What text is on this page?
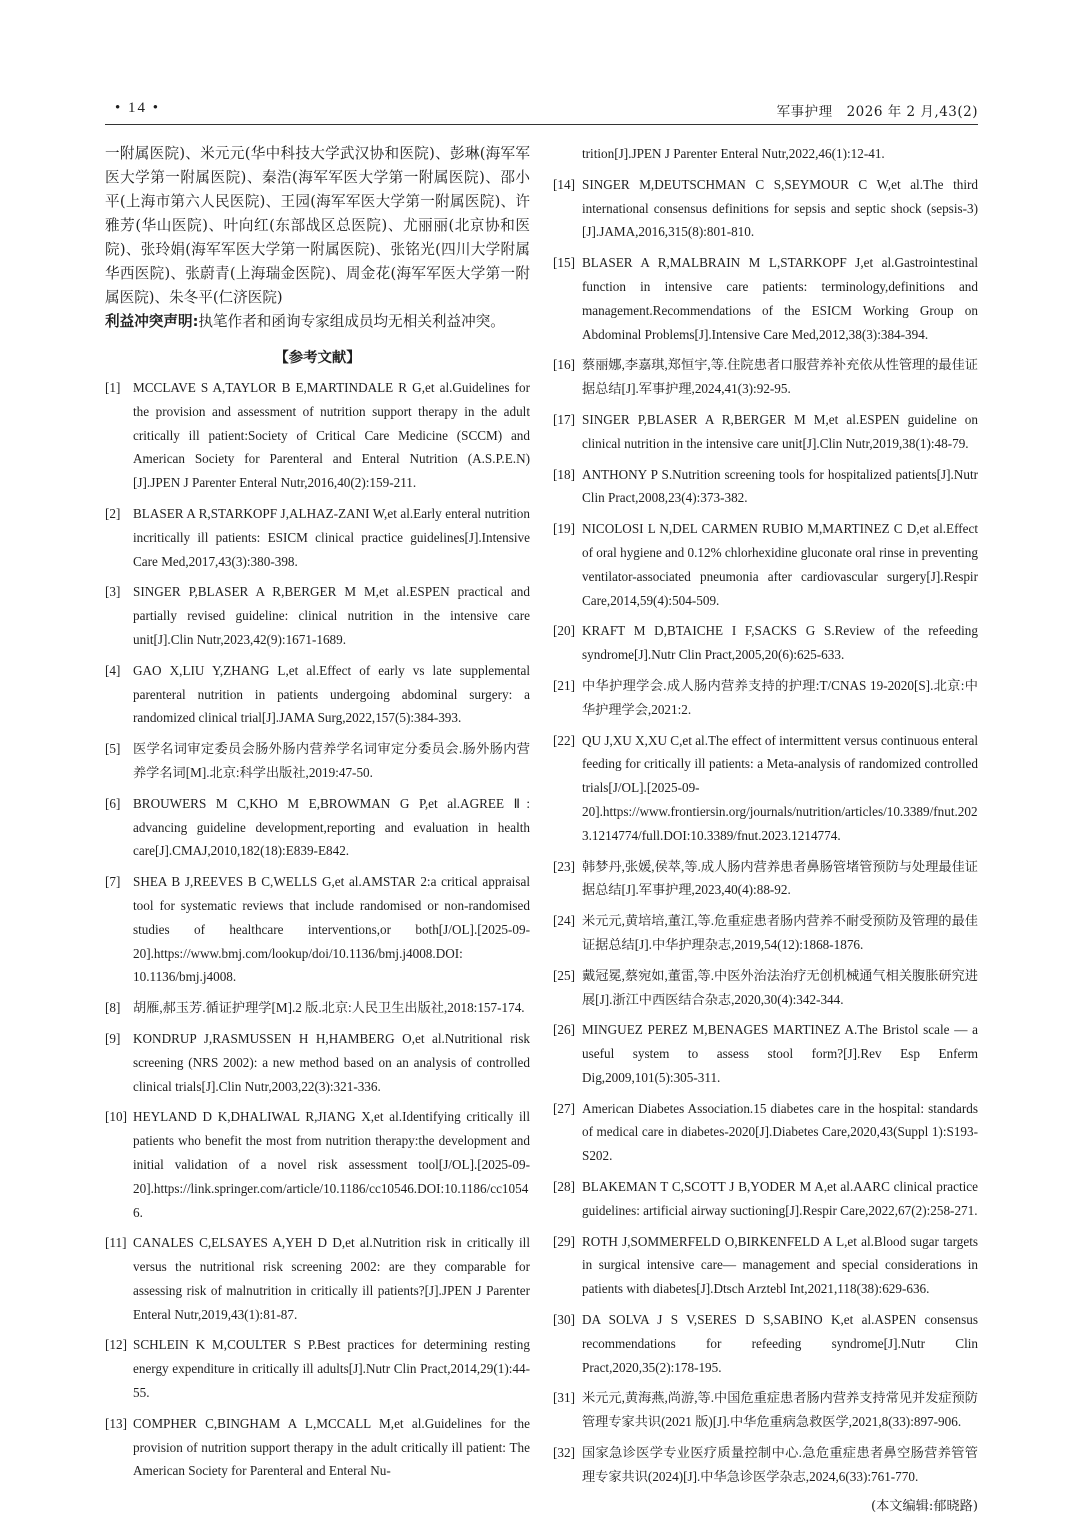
• 14 •	军事护理　2026 年 2 月,43(2)

一附属医院)、米元元(华中科技大学武汉协和医院)、彭琳(海军军医大学第一附属医院)、秦浩(海军军医大学第一附属医院)、邵小平(上海市第六人民医院)、王园(海军军医大学第一附属医院)、许雅芳(华山医院)、叶向红(东部战区总医院)、尤丽丽(北京协和医院)、张玲娟(海军军医大学第一附属医院)、张铭光(四川大学附属华西医院)、张蔚青(上海瑞金医院)、周金花(海军军医大学第一附属医院)、朱冬平(仁济医院)

利益冲突声明:执笔作者和函询专家组成员均无相关利益冲突。

【参考文献】
[1] MCCLAVE S A,TAYLOR B E,MARTINDALE R G,et al.Guidelines for the provision and assessment of nutrition support therapy in the adult critically ill patient:Society of Critical Care Medicine (SCCM) and American Society for Parenteral and Enteral Nutrition (A.S.P.E.N)[J].JPEN J Parenter Enteral Nutr,2016,40(2):159-211.
[2] BLASER A R,STARKOPF J,ALHAZ-ZANI W,et al.Early enteral nutrition incritically ill patients: ESICM clinical practice guidelines[J].Intensive Care Med,2017,43(3):380-398.
[3] SINGER P,BLASER A R,BERGER M M,et al.ESPEN practical and partially revised guideline: clinical nutrition in the intensive care unit[J].Clin Nutr,2023,42(9):1671-1689.
[4] GAO X,LIU Y,ZHANG L,et al.Effect of early vs late supplemental parenteral nutrition in patients undergoing abdominal surgery: a randomized clinical trial[J].JAMA Surg,2022,157(5):384-393.
[5] 医学名词审定委员会肠外肠内营养学名词审定分委员会.肠外肠内营养学名词[M].北京:科学出版社,2019:47-50.
[6] BROUWERS M C,KHO M E,BROWMAN G P,et al.AGREE Ⅱ: advancing guideline development,reporting and evaluation in health care[J].CMAJ,2010,182(18):E839-E842.
[7] SHEA B J,REEVES B C,WELLS G,et al.AMSTAR 2:a critical appraisal tool for systematic reviews that include randomised or non-randomised studies of healthcare interventions,or both[J/OL].[2025-09-20].https://www.bmj.com/lookup/doi/10.1136/bmj.j4008.DOI: 10.1136/bmj.j4008.
[8] 胡雁,郝玉芳.循证护理学[M].2 版.北京:人民卫生出版社,2018:157-174.
[9] KONDRUP J,RASMUSSEN H H,HAMBERG O,et al.Nutritional risk screening (NRS 2002): a new method based on an analysis of controlled clinical trials[J].Clin Nutr,2003,22(3):321-336.
[10] HEYLAND D K,DHALIWAL R,JIANG X,et al.Identifying critically ill patients who benefit the most from nutrition therapy:the development and initial validation of a novel risk assessment tool[J/OL].[2025-09-20].https://link.springer.com/article/10.1186/cc10546.DOI:10.1186/cc10546.
[11] CANALES C,ELSAYES A,YEH D D,et al.Nutrition risk in critically ill versus the nutritional risk screening 2002: are they comparable for assessing risk of malnutrition in critically ill patients?[J].JPEN J Parenter Enteral Nutr,2019,43(1):81-87.
[12] SCHLEIN K M,COULTER S P.Best practices for determining resting energy expenditure in critically ill adults[J].Nutr Clin Pract,2014,29(1):44-55.
[13] COMPHER C,BINGHAM A L,MCCALL M,et al.Guidelines for the provision of nutrition support therapy in the adult critically ill patient: The American Society for Parenteral and Enteral Nu-
trition[J].JPEN J Parenter Enteral Nutr,2022,46(1):12-41.
[14] SINGER M,DEUTSCHMAN C S,SEYMOUR C W,et al.The third international consensus definitions for sepsis and septic shock (sepsis-3)[J].JAMA,2016,315(8):801-810.
[15] BLASER A R,MALBRAIN M L,STARKOPF J,et al.Gastrointestinal function in intensive care patients: terminology,definitions and management.Recommendations of the ESICM Working Group on Abdominal Problems[J].Intensive Care Med,2012,38(3):384-394.
[16] 蔡丽娜,李嘉琪,郑恒宇,等.住院患者口服营养补充依从性管理的最佳证据总结[J].军事护理,2024,41(3):92-95.
[17] SINGER P,BLASER A R,BERGER M M,et al.ESPEN guideline on clinical nutrition in the intensive care unit[J].Clin Nutr,2019,38(1):48-79.
[18] ANTHONY P S.Nutrition screening tools for hospitalized patients[J].Nutr Clin Pract,2008,23(4):373-382.
[19] NICOLOSI L N,DEL CARMEN RUBIO M,MARTINEZ C D,et al.Effect of oral hygiene and 0.12% chlorhexidine gluconate oral rinse in preventing ventilator-associated pneumonia after cardiovascular surgery[J].Respir Care,2014,59(4):504-509.
[20] KRAFT M D,BTAICHE I F,SACKS G S.Review of the refeeding syndrome[J].Nutr Clin Pract,2005,20(6):625-633.
[21] 中华护理学会.成人肠内营养支持的护理:T/CNAS 19-2020[S].北京:中华护理学会,2021:2.
[22] QU J,XU X,XU C,et al.The effect of intermittent versus continuous enteral feeding for critically ill patients: a Meta-analysis of randomized controlled trials[J/OL].[2025-09-20].https://www.frontiersin.org/journals/nutrition/articles/10.3389/fnut.2023.1214774/full.DOI:10.3389/fnut.2023.1214774.
[23] 韩梦丹,张媛,侯萃,等.成人肠内营养患者鼻肠管堵管预防与处理最佳证据总结[J].军事护理,2023,40(4):88-92.
[24] 米元元,黄培培,董江,等.危重症患者肠内营养不耐受预防及管理的最佳证据总结[J].中华护理杂志,2019,54(12):1868-1876.
[25] 戴冠冕,蔡宛如,董雷,等.中医外治法治疗无创机械通气相关腹胀研究进展[J].浙江中西医结合杂志,2020,30(4):342-344.
[26] MINGUEZ PEREZ M,BENAGES MARTINEZ A.The Bristol scale — a useful system to assess stool form?[J].Rev Esp Enferm Dig,2009,101(5):305-311.
[27] American Diabetes Association.15 diabetes care in the hospital: standards of medical care in diabetes-2020[J].Diabetes Care,2020,43(Suppl 1):S193-S202.
[28] BLAKEMAN T C,SCOTT J B,YODER M A,et al.AARC clinical practice guidelines: artificial airway suctioning[J].Respir Care,2022,67(2):258-271.
[29] ROTH J,SOMMERFELD O,BIRKENFELD A L,et al.Blood sugar targets in surgical intensive care— management and special considerations in patients with diabetes[J].Dtsch Arztebl Int,2021,118(38):629-636.
[30] DA SOLVA J S V,SERES D S,SABINO K,et al.ASPEN consensus recommendations for refeeding syndrome[J].Nutr Clin Pract,2020,35(2):178-195.
[31] 米元元,黄海燕,尚游,等.中国危重症患者肠内营养支持常见并发症预防管理专家共识(2021 版)[J].中华危重病急救医学,2021,8(33):897-906.
[32] 国家急诊医学专业医疗质量控制中心.急危重症患者鼻空肠营养管管理专家共识(2024)[J].中华急诊医学杂志,2024,6(33):761-770.
(本文编辑:郁晓路)
